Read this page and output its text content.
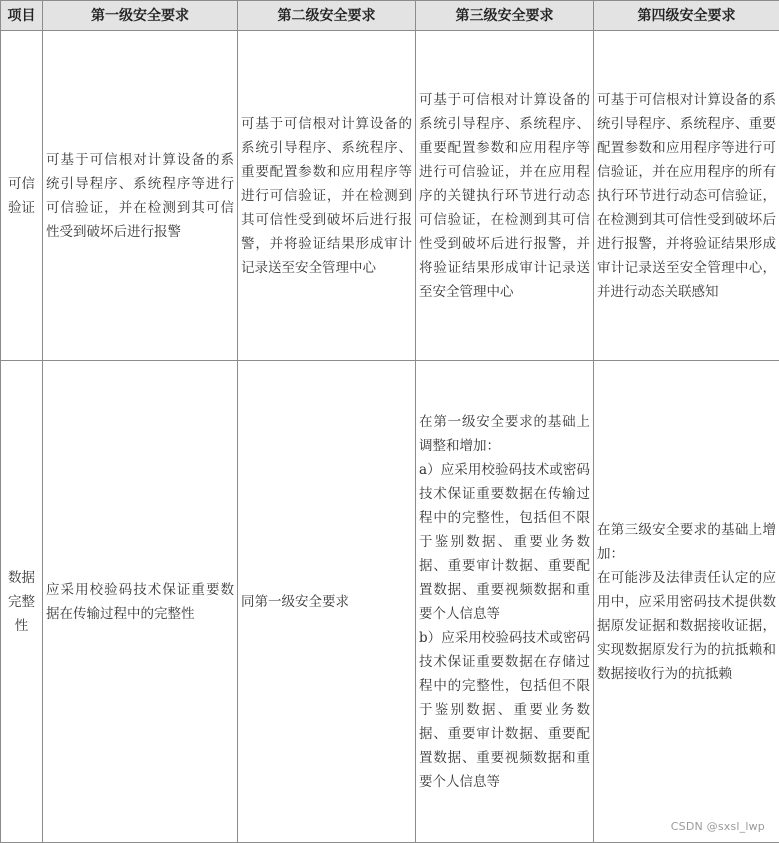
项目	第一级安全要求	第二级安全要求	第三级安全要求	第四级安全要求
可信验证	可基于可信根对计算设备的系统引导程序、系统程序等进行可信验证，并在检测到其可信性受到破坏后进行报警	可基于可信根对计算设备的系统引导程序、系统程序、重要配置参数和应用程序等进行可信验证，并在检测到其可信性受到破坏后进行报警，并将验证结果形成审计记录送至安全管理中心	可基于可信根对计算设备的系统引导程序、系统程序、重要配置参数和应用程序等进行可信验证，并在应用程序的关键执行环节进行动态可信验证，在检测到其可信性受到破坏后进行报警，并将验证结果形成审计记录送至安全管理中心	可基于可信根对计算设备的系统引导程序、系统程序、重要配置参数和应用程序等进行可信验证，并在应用程序的所有执行环节进行动态可信验证，在检测到其可信性受到破坏后进行报警，并将验证结果形成审计记录送至安全管理中心，并进行动态关联感知
数据完整性	应采用校验码技术保证重要数据在传输过程中的完整性	同第一级安全要求	在第一级安全要求的基础上调整和增加：
a）应采用校验码技术或密码技术保证重要数据在传输过程中的完整性，包括但不限于鉴别数据、重要业务数据、重要审计数据、重要配置数据、重要视频数据和重要个人信息等
b）应采用校验码技术或密码技术保证重要数据在存储过程中的完整性，包括但不限于鉴别数据、重要业务数据、重要审计数据、重要配置数据、重要视频数据和重要个人信息等	在第三级安全要求的基础上增加：
在可能涉及法律责任认定的应用中，应采用密码技术提供数据原发证据和数据接收证据，实现数据原发行为的抗抵赖和数据接收行为的抗抵赖
CSDN @sxsl_lwp
